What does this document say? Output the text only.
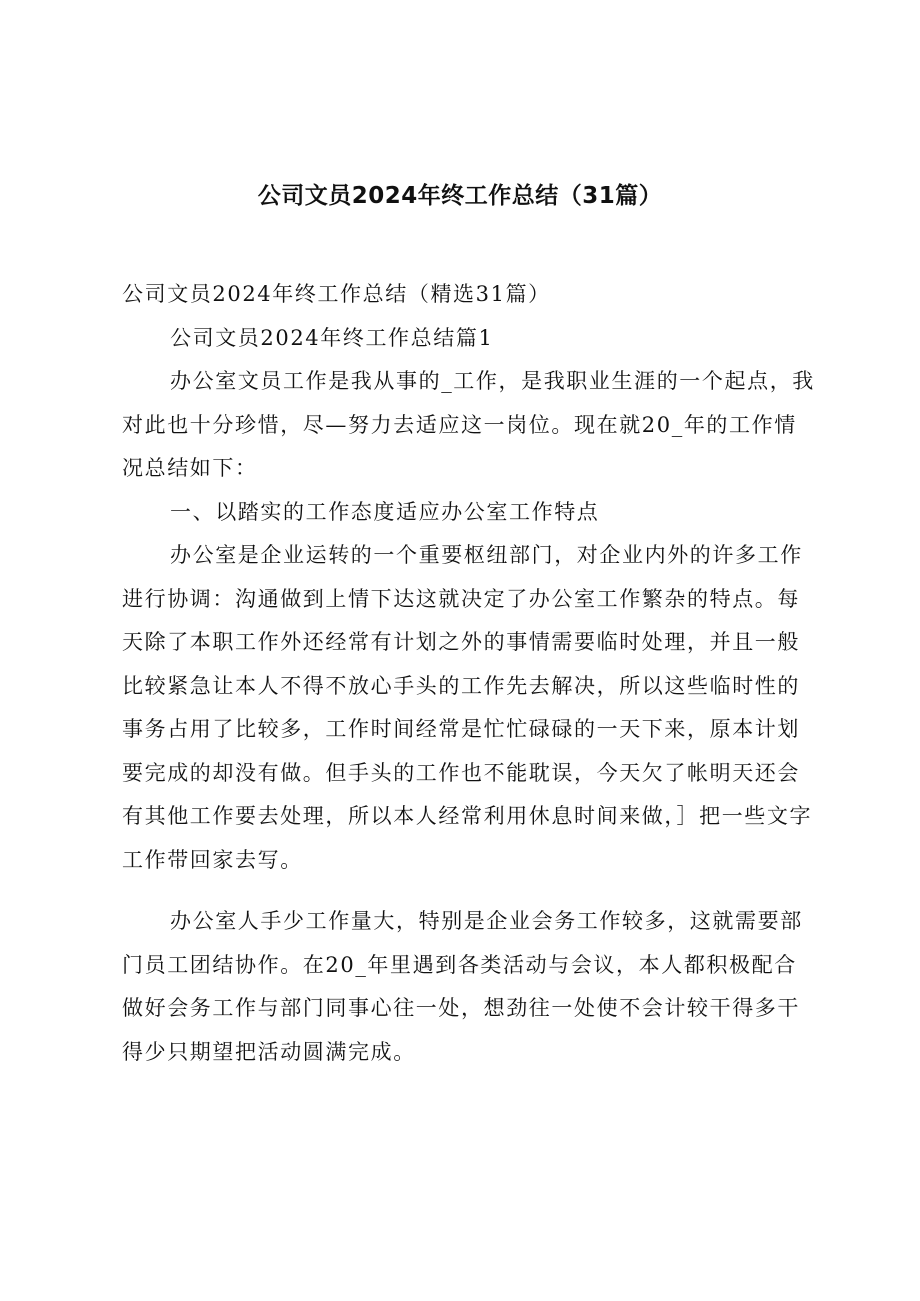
公司文员2024年终工作总结（31篇）

公司文员2024年终工作总结（精选31篇）

公司文员2024年终工作总结篇1

办公室文员工作是我从事的_工作，是我职业生涯的一个起点，我对此也十分珍惜，尽—努力去适应这一岗位。现在就20_年的工作情况总结如下：

一、以踏实的工作态度适应办公室工作特点

办公室是企业运转的一个重要枢纽部门，对企业内外的许多工作进行协调：沟通做到上情下达这就决定了办公室工作繁杂的特点。每天除了本职工作外还经常有计划之外的事情需要临时处理，并且一般比较紧急让本人不得不放心手头的工作先去解决，所以这些临时性的事务占用了比较多，工作时间经常是忙忙碌碌的一天下来，原本计划要完成的却没有做。但手头的工作也不能耽误，今天欠了帐明天还会有其他工作要去处理，所以本人经常利用休息时间来做，］把一些文字工作带回家去写。

办公室人手少工作量大，特别是企业会务工作较多，这就需要部门员工团结协作。在20_年里遇到各类活动与会议，本人都积极配合做好会务工作与部门同事心往一处，想劲往一处使不会计较干得多干得少只期望把活动圆满完成。
